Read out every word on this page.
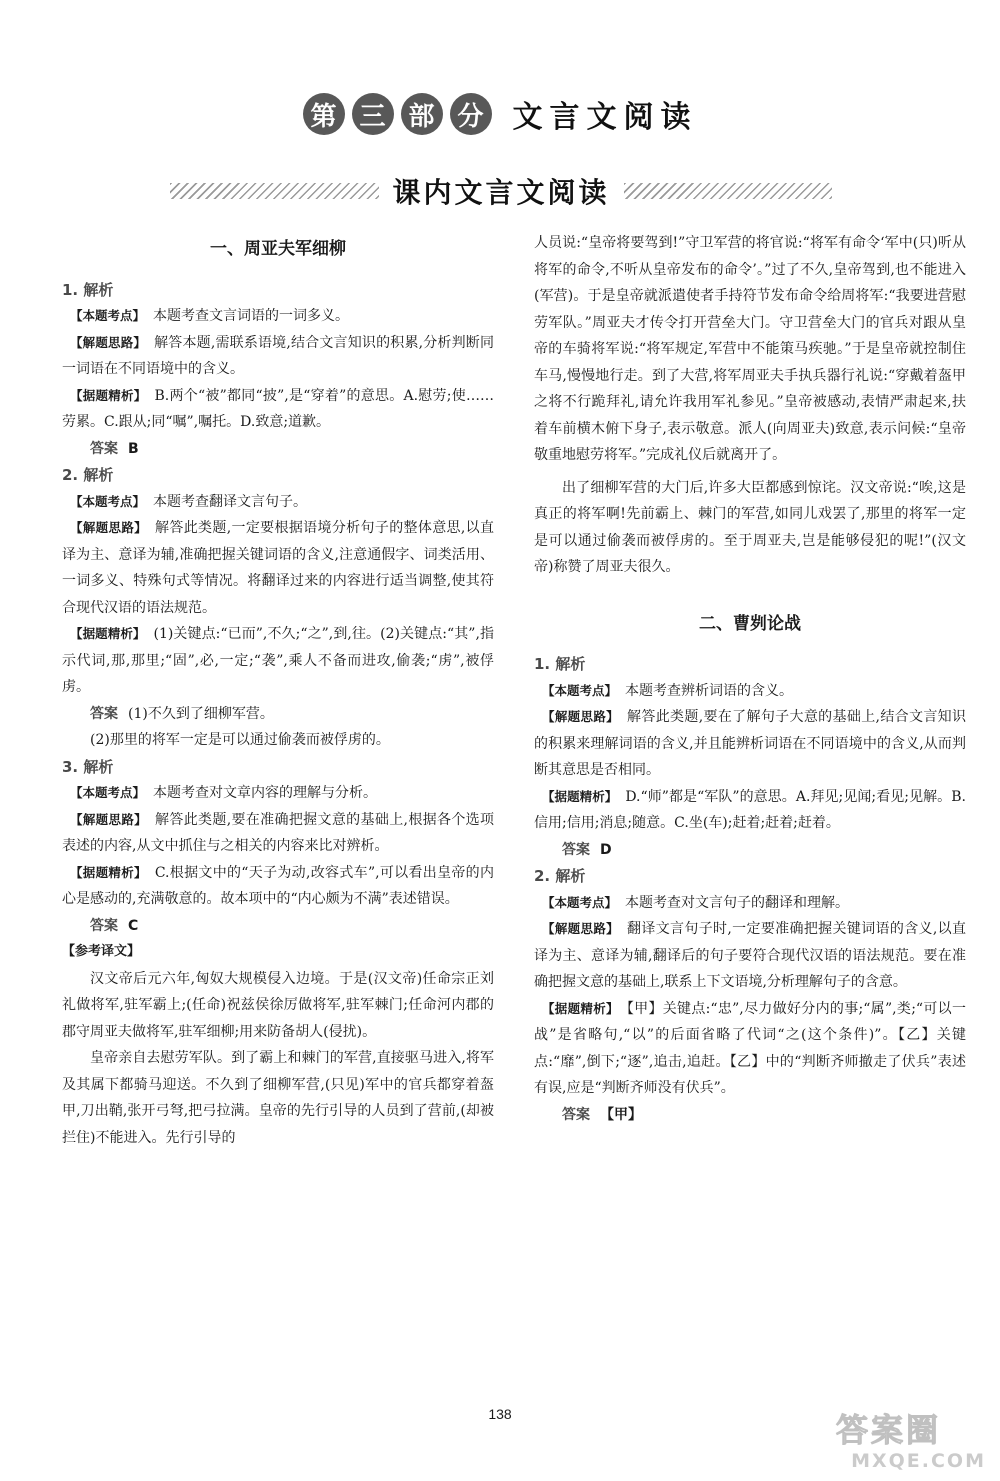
第 三 部 分 文言文阅读
课内文言文阅读
一、周亚夫军细柳
1. 解析
【本题考点】 本题考查文言词语的一词多义。
【解题思路】 解答本题,需联系语境,结合文言知识的积累,分析判断同一词语在不同语境中的含义。
【据题精析】 B.两个“被”都同“披”,是“穿着”的意思。A.慰劳;使……劳累。C.跟从;同“嘱”,嘱托。D.致意;道歉。
答案 B
2. 解析
【本题考点】 本题考查翻译文言句子。
【解题思路】 解答此类题,一定要根据语境分析句子的整体意思,以直译为主、意译为辅,准确把握关键词语的含义,注意通假字、词类活用、一词多义、特殊句式等情况。将翻译过来的内容进行适当调整,使其符合现代汉语的语法规范。
【据题精析】 (1)关键点:“已而”,不久;“之”,到,往。(2)关键点:“其”,指示代词,那,那里;“固”,必,一定;“袭”,乘人不备而进攻,偷袭;“虏”,被俘虏。
答案 (1)不久到了细柳军营。
(2)那里的将军一定是可以通过偷袭而被俘虏的。
3. 解析
【本题考点】 本题考查对文章内容的理解与分析。
【解题思路】 解答此类题,要在准确把握文意的基础上,根据各个选项表述的内容,从文中抓住与之相关的内容来比对辨析。
【据题精析】 C.根据文中的“天子为动,改容式车”,可以看出皇帝的内心是感动的,充满敬意的。故本项中的“内心颇为不满”表述错误。
答案 C
【参考译文】
汉文帝后元六年,匈奴大规模侵入边境。于是(汉文帝)任命宗正刘礼做将军,驻军霸上;(任命)祝兹侯徐厉做将军,驻军棘门;任命河内郡的郡守周亚夫做将军,驻军细柳;用来防备胡人(侵扰)。
皇帝亲自去慰劳军队。到了霸上和棘门的军营,直接驱马进入,将军及其属下都骑马迎送。不久到了细柳军营,(只见)军中的官兵都穿着盔甲,刀出鞘,张开弓弩,把弓拉满。皇帝的先行引导的人员到了营前,(却被拦住)不能进入。先行引导的
人员说:“皇帝将要驾到!”守卫军营的将官说:“将军有命令‘军中(只)听从将军的命令,不听从皇帝发布的命令’。”过了不久,皇帝驾到,也不能进入(军营)。于是皇帝就派遣使者手持符节发布命令给周将军:“我要进营慰劳军队。”周亚夫才传令打开营垒大门。守卫营垒大门的官兵对跟从皇帝的车骑将军说:“将军规定,军营中不能策马疾驰。”于是皇帝就控制住车马,慢慢地行走。到了大营,将军周亚夫手执兵器行礼说:“穿戴着盔甲之将不行跪拜礼,请允许我用军礼参见。”皇帝被感动,表情严肃起来,扶着车前横木俯下身子,表示敬意。派人(向周亚夫)致意,表示问候:“皇帝敬重地慰劳将军。”完成礼仪后就离开了。
出了细柳军营的大门后,许多大臣都感到惊诧。汉文帝说:“唉,这是真正的将军啊!先前霸上、棘门的军营,如同儿戏罢了,那里的将军一定是可以通过偷袭而被俘虏的。至于周亚夫,岂是能够侵犯的呢!”(汉文帝)称赞了周亚夫很久。
二、曹刿论战
1. 解析
【本题考点】 本题考查辨析词语的含义。
【解题思路】 解答此类题,要在了解句子大意的基础上,结合文言知识的积累来理解词语的含义,并且能辨析词语在不同语境中的含义,从而判断其意思是否相同。
【据题精析】 D.“师”都是“军队”的意思。A.拜见;见闻;看见;见解。B.信用;信用;消息;随意。C.坐(车);赶着;赶着;赶着。
答案 D
2. 解析
【本题考点】 本题考查对文言句子的翻译和理解。
【解题思路】 翻译文言句子时,一定要准确把握关键词语的含义,以直译为主、意译为辅,翻译后的句子要符合现代汉语的语法规范。要在准确把握文意的基础上,联系上下文语境,分析理解句子的含意。
【据题精析】 【甲】关键点:“忠”,尽力做好分内的事;“属”,类;“可以一战”是省略句,“以”的后面省略了代词“之(这个条件)”。【乙】关键点:“靡”,倒下;“逐”,追击,追赶。【乙】中的“判断齐师撤走了伏兵”表述有误,应是“判断齐师没有伏兵”。
答案 【甲】
138	答 案 圈
MXQE.COM
